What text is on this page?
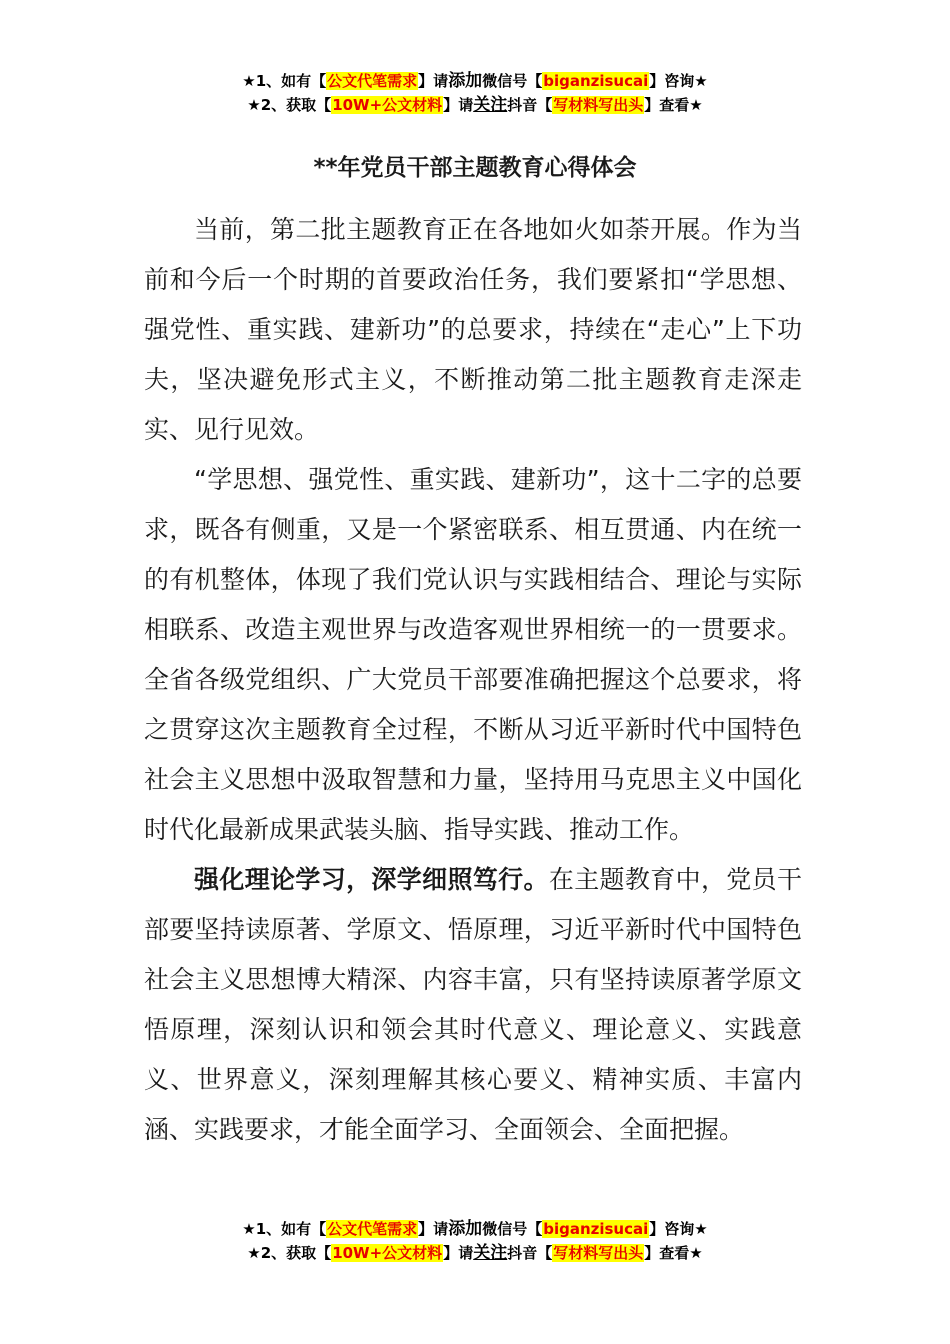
★1、如有【公文代笔需求】请添加微信号【biganzisucai】咨询★
★2、获取【10W+公文材料】请关注抖音【写材料写出头】查看★
**年党员干部主题教育心得体会

当前，第二批主题教育正在各地如火如荼开展。作为当前和今后一个时期的首要政治任务，我们要紧扣“学思想、强党性、重实践、建新功”的总要求，持续在“走心”上下功夫，坚决避免形式主义，不断推动第二批主题教育走深走实、见行见效。

“学思想、强党性、重实践、建新功”，这十二字的总要求，既各有侧重，又是一个紧密联系、相互贯通、内在统一的有机整体，体现了我们党认识与实践相结合、理论与实际相联系、改造主观世界与改造客观世界相统一的一贯要求。全省各级党组织、广大党员干部要准确把握这个总要求，将之贯穿这次主题教育全过程，不断从习近平新时代中国特色社会主义思想中汲取智慧和力量，坚持用马克思主义中国化时代化最新成果武装头脑、指导实践、推动工作。

强化理论学习，深学细照笃行。在主题教育中，党员干部要坚持读原著、学原文、悟原理，习近平新时代中国特色社会主义思想博大精深、内容丰富，只有坚持读原著学原文悟原理，深刻认识和领会其时代意义、理论意义、实践意义、世界意义，深刻理解其核心要义、精神实质、丰富内涵、实践要求，才能全面学习、全面领会、全面把握。

★1、如有【公文代笔需求】请添加微信号【biganzisucai】咨询★
★2、获取【10W+公文材料】请关注抖音【写材料写出头】查看★
